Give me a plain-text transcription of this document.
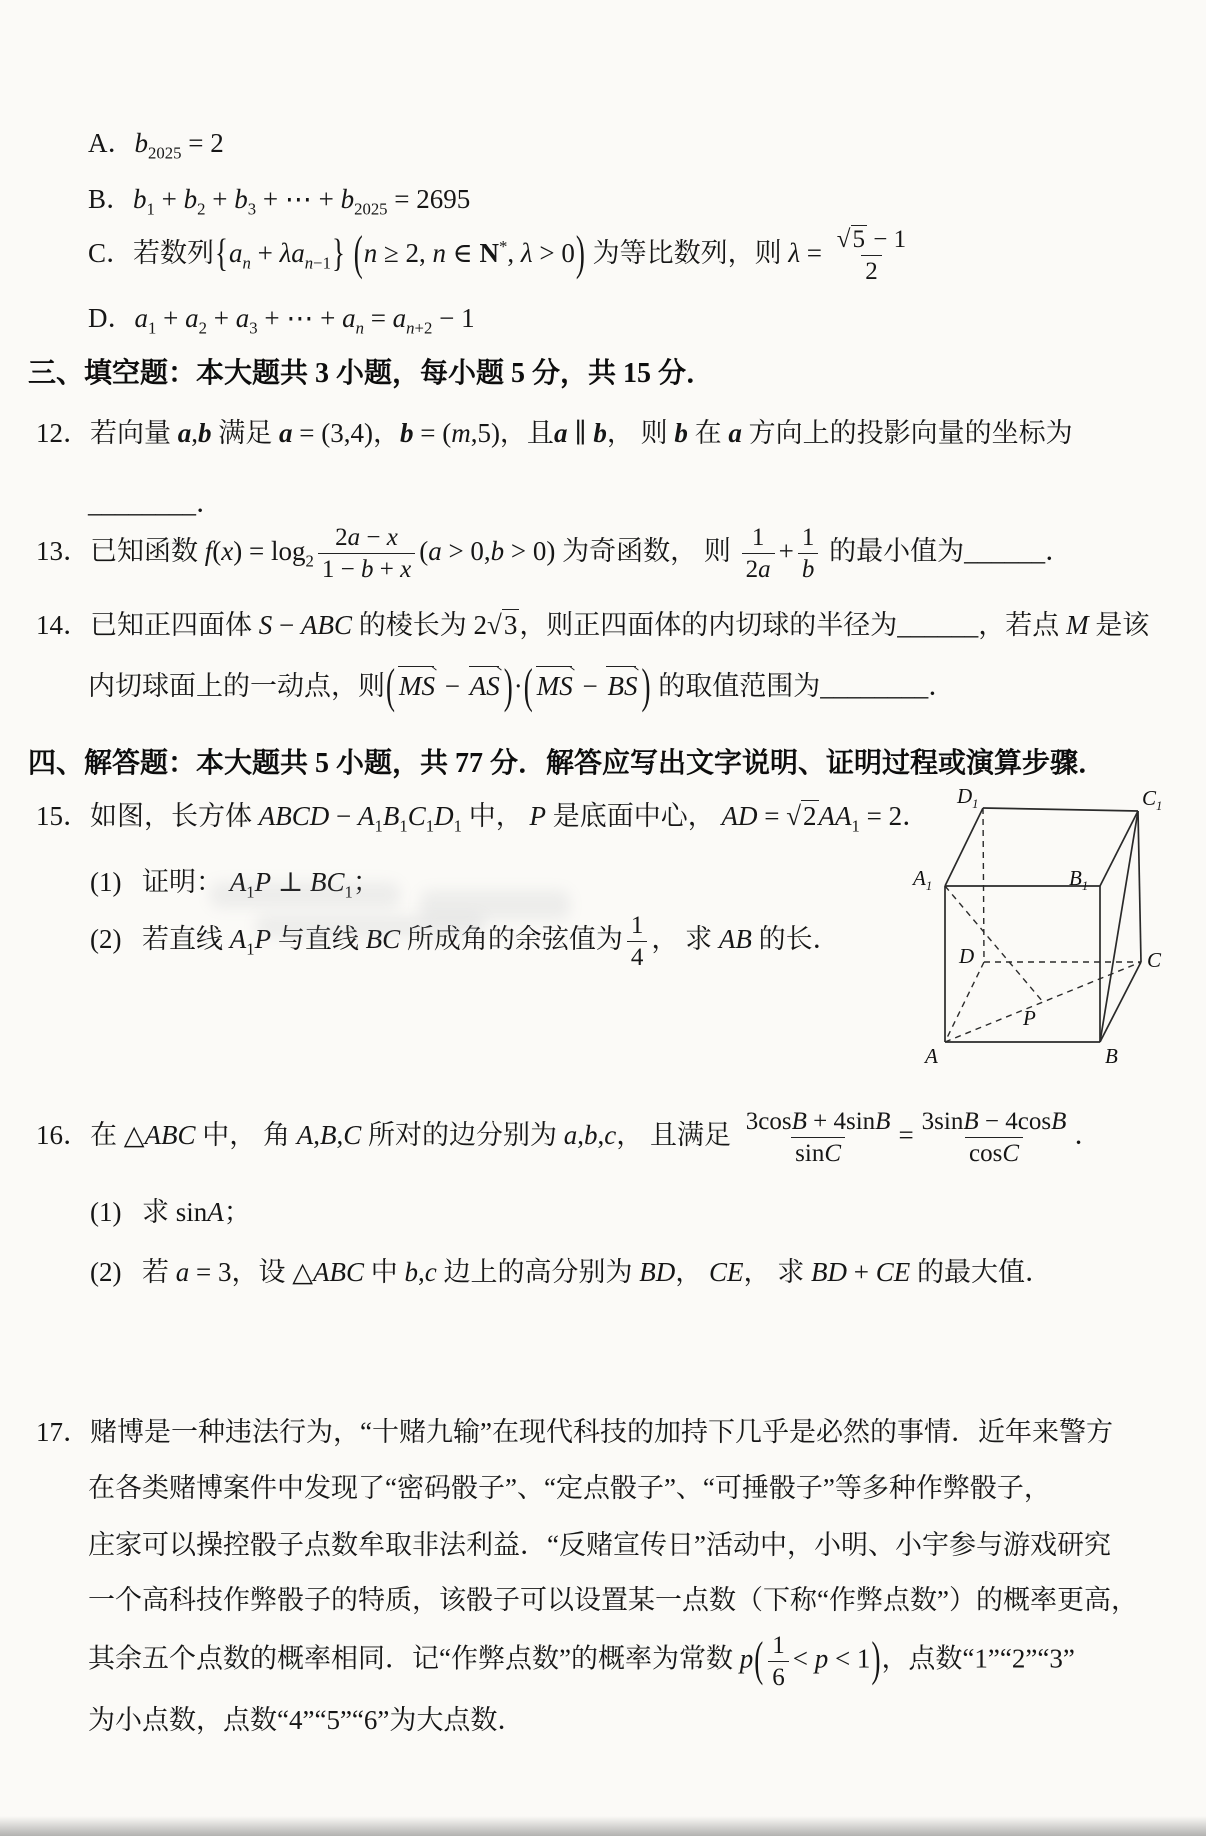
A．$b_{2025} = 2$
B．$b_1 + b_2 + b_3$ + ⋯ + $b_{2025} = 2695$
C．若数列$\{a_n + \lambda a_{n-1}\} (n \ge 2$, n ∈ N*, λ > 0) 为等比数列，则 $\lambda = \frac{√5 - 1}{2}$
D．$a_1 + a_2 + a_3$ + ⋯ + $a_n = a_{n+2} - 1$
三、填空题：本大题共 3 小题，每小题 5 分，共 15 分．
12．若向量 a,b 满足 a = (3,4)，b = (m,5)，且a ∥ b， 则 b 在 a 方向上的投影向量的坐标为
________．
13．已知函数 $f(x) = \log_2 \frac{2a - x}{1 - b + x} (a > 0,b > 0)$ 为奇函数， 则 $\frac{1}{2a} + \frac{1}{b}$ 的最小值为______．
14．已知正四面体 S − ABC 的棱长为 2√3，则正四面体的内切球的半径为______，若点 M 是该
内切球面上的一动点，则( MS − AS )·( MS − BS ) 的取值范围为________．
四、解答题：本大题共 5 小题，共 77 分．解答应写出文字说明、证明过程或演算步骤．
15．如图，长方体 ABCD − $A_1B_1C_1D_1$ 中， P 是底面中心， AD = $√2AA_1 = 2$．
(1) 证明： $A_1P$ ⊥ $BC_1$；
(2) 若直线 $A_1P$ 与直线 BC 所成角的余弦值为 $\frac{1}{4}$ ， 求 AB 的长．
$D_1$	$C_1$
$A_1$	$B_1$
D	C
P
A	B
16．在 △ABC 中， 角 A,B,C 所对的边分别为 a,b,c， 且满足 $\frac{3\cos B + 4\sin B}{\sin C} = \frac{3\sin B - 4\cos B}{\cos C}$ ．
(1) 求 sinA；
(2) 若 a = 3，设 △ABC 中 b,c 边上的高分别为 BD， CE， 求 BD + CE 的最大值．
17．赌博是一种违法行为，“十赌九输”在现代科技的加持下几乎是必然的事情．近年来警方
在各类赌博案件中发现了“密码骰子”、“定点骰子”、“可捶骰子”等多种作弊骰子，
庄家可以操控骰子点数牟取非法利益．“反赌宣传日”活动中，小明、小宇参与游戏研究
一个高科技作弊骰子的特质，该骰子可以设置某一点数（下称“作弊点数”）的概率更高，
其余五个点数的概率相同．记“作弊点数”的概率为常数 $p( \frac{1}{6} < p < 1)$，点数“1”“2”“3”
为小点数，点数“4”“5”“6”为大点数．
